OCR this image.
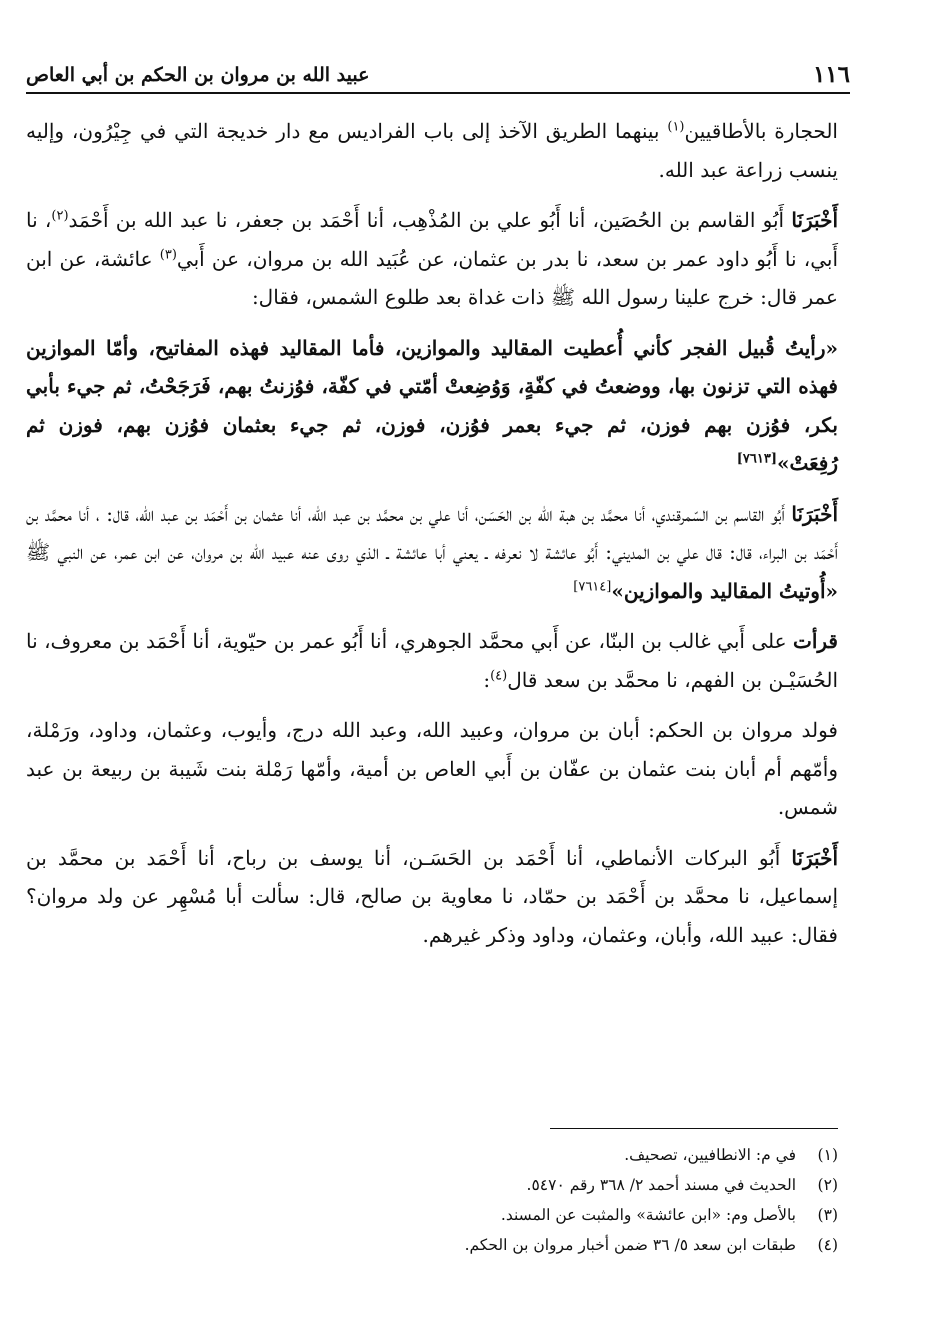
١١٦
عبيد الله بن مروان بن الحكم بن أبي العاص

الحجارة بالأطاقيين$^{(١)}$ بينهما الطريق الآخذ إلى باب الفراديس مع دار خديجة التي في جِيْرُون، وإليه ينسب زراعة عبد الله.

أَخْبَرَنَا أَبُو القاسم بن الحُصَين، أنا أَبُو علي بن المُذْهِب، أنا أَحْمَد بن جعفر، نا عبد الله بن أَحْمَد$^{(٢)}$، نا أَبي، نا أَبُو داود عمر بن سعد، نا بدر بن عثمان، عن عُبَيد الله بن مروان، عن أَبي$^{(٣)}$ عائشة، عن ابن عمر قال: خرج علينا رسول الله ﷺ ذات غداة بعد طلوع الشمس، فقال:

«رأيتُ قُبيل الفجر كأني أُعطيت المقاليد والموازين، فأما المقاليد فهذه المفاتيح، وأمّا الموازين فهذه التي تزنون بها، ووضعتُ في كفّةٍ، وَوُضِعتْ أمّتي في كفّة، فوُزنتُ بهم، فَرَجَحْتُ، ثم جيء بأبي بكر، فوُزن بهم فوزن، ثم جيء بعمر فوُزن، فوزن، ثم جيء بعثمان فوُزن بهم، فوزن ثم رُفِعَتْ»[٧٦١٣]

أَخْبَرَنَا أَبُو القاسم بن السّمرقندي، أنا محمَّد بن هبة الله بن الحَسَن، أنا علي بن محمَّد بن عبد الله، أنا عثمان بن أَحْمَد بن عبد الله، قال: ، أنا محمَّد بن أَحْمَد بن البراء، قال: قال علي بن المديني: أَبُو عائشة لا نعرفه ـ يعني أبا عائشة ـ الذي روى عنه عبيد الله بن مروان، عن ابن عمر، عن النبي ﷺ «أُوتيتُ المقاليد والموازين»[٧٦١٤]

قرأت على أَبي غالب بن البنّا، عن أَبي محمَّد الجوهري، أنا أَبُو عمر بن حيّوية، أنا أَحْمَد بن معروف، نا الحُسَيْـن بن الفهم، نا محمَّد بن سعد قال$^{(٤)}$:

فولد مروان بن الحكم: أبان بن مروان، وعبيد الله، وعبد الله درج، وأيوب، وعثمان، وداود، ورَمْلة، وأمّهم أم أبان بنت عثمان بن عفّان بن أَبي العاص بن أمية، وأمّها رَمْلة بنت شَيبة بن ربيعة بن عبد شمس.

أَخْبَرَنَا أَبُو البركات الأنماطي، أنا أَحْمَد بن الحَسَـن، أنا يوسف بن رباح، أنا أَحْمَد بن محمَّد بن إسماعيل، نا محمَّد بن أَحْمَد بن حمّاد، نا معاوية بن صالح، قال: سألت أبا مُسْهِر عن ولد مروان؟ فقال: عبيد الله، وأبان، وعثمان، وداود وذكر غيرهم.

(١)في م: الانطافيين، تصحيف.

(٢)الحديث في مسند أحمد ٢/ ٣٦٨ رقم ٥٤٧٠.

(٣)بالأصل وم: «ابن عائشة» والمثبت عن المسند.

(٤)طبقات ابن سعد ٥/ ٣٦ ضمن أخبار مروان بن الحكم.
